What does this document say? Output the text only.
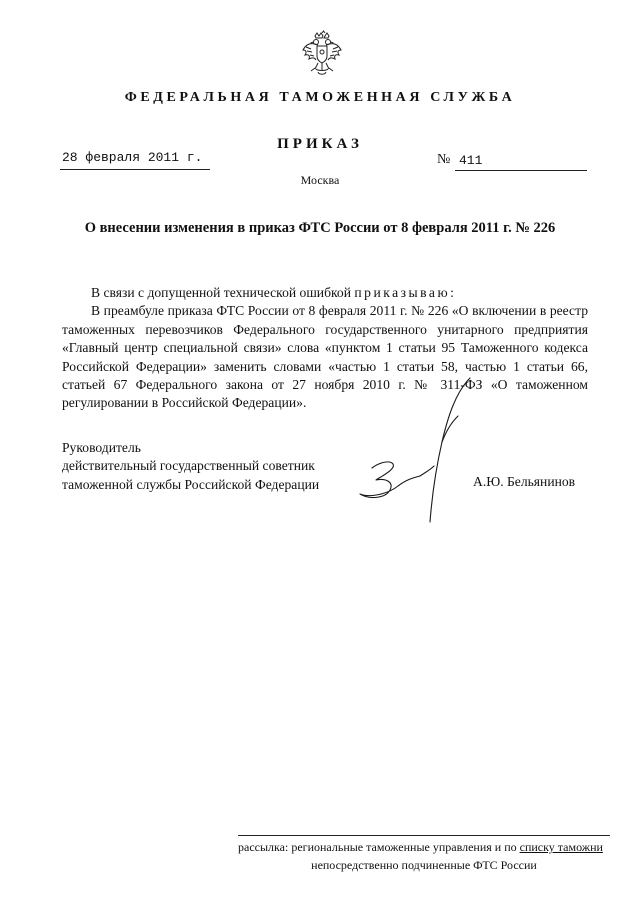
ФЕДЕРАЛЬНАЯ ТАМОЖЕННАЯ СЛУЖБА
ПРИКАЗ
28 февраля 2011 г.	№ 411
Москва
О внесении изменения в приказ ФТС России от 8 февраля 2011 г. № 226

В связи с допущенной технической ошибкой приказываю:

В преамбуле приказа ФТС России от 8 февраля 2011 г. № 226 «О включении в реестр таможенных перевозчиков Федерального государственного унитарного предприятия «Главный центр специальной связи» слова «пунктом 1 статьи 95 Таможенного кодекса Российской Федерации» заменить словами «частью 1 статьи 58, частью 1 статьи 66, статьей 67 Федерального закона от 27 ноября 2010 г. № 311-ФЗ «О таможенном регулировании в Российской Федерации».

Руководитель
действительный государственный советник
таможенной службы Российской Федерации	А.Ю. Бельянинов
рассылка: региональные таможенные управления и по списку таможни
непосредственно подчиненные ФТС России
